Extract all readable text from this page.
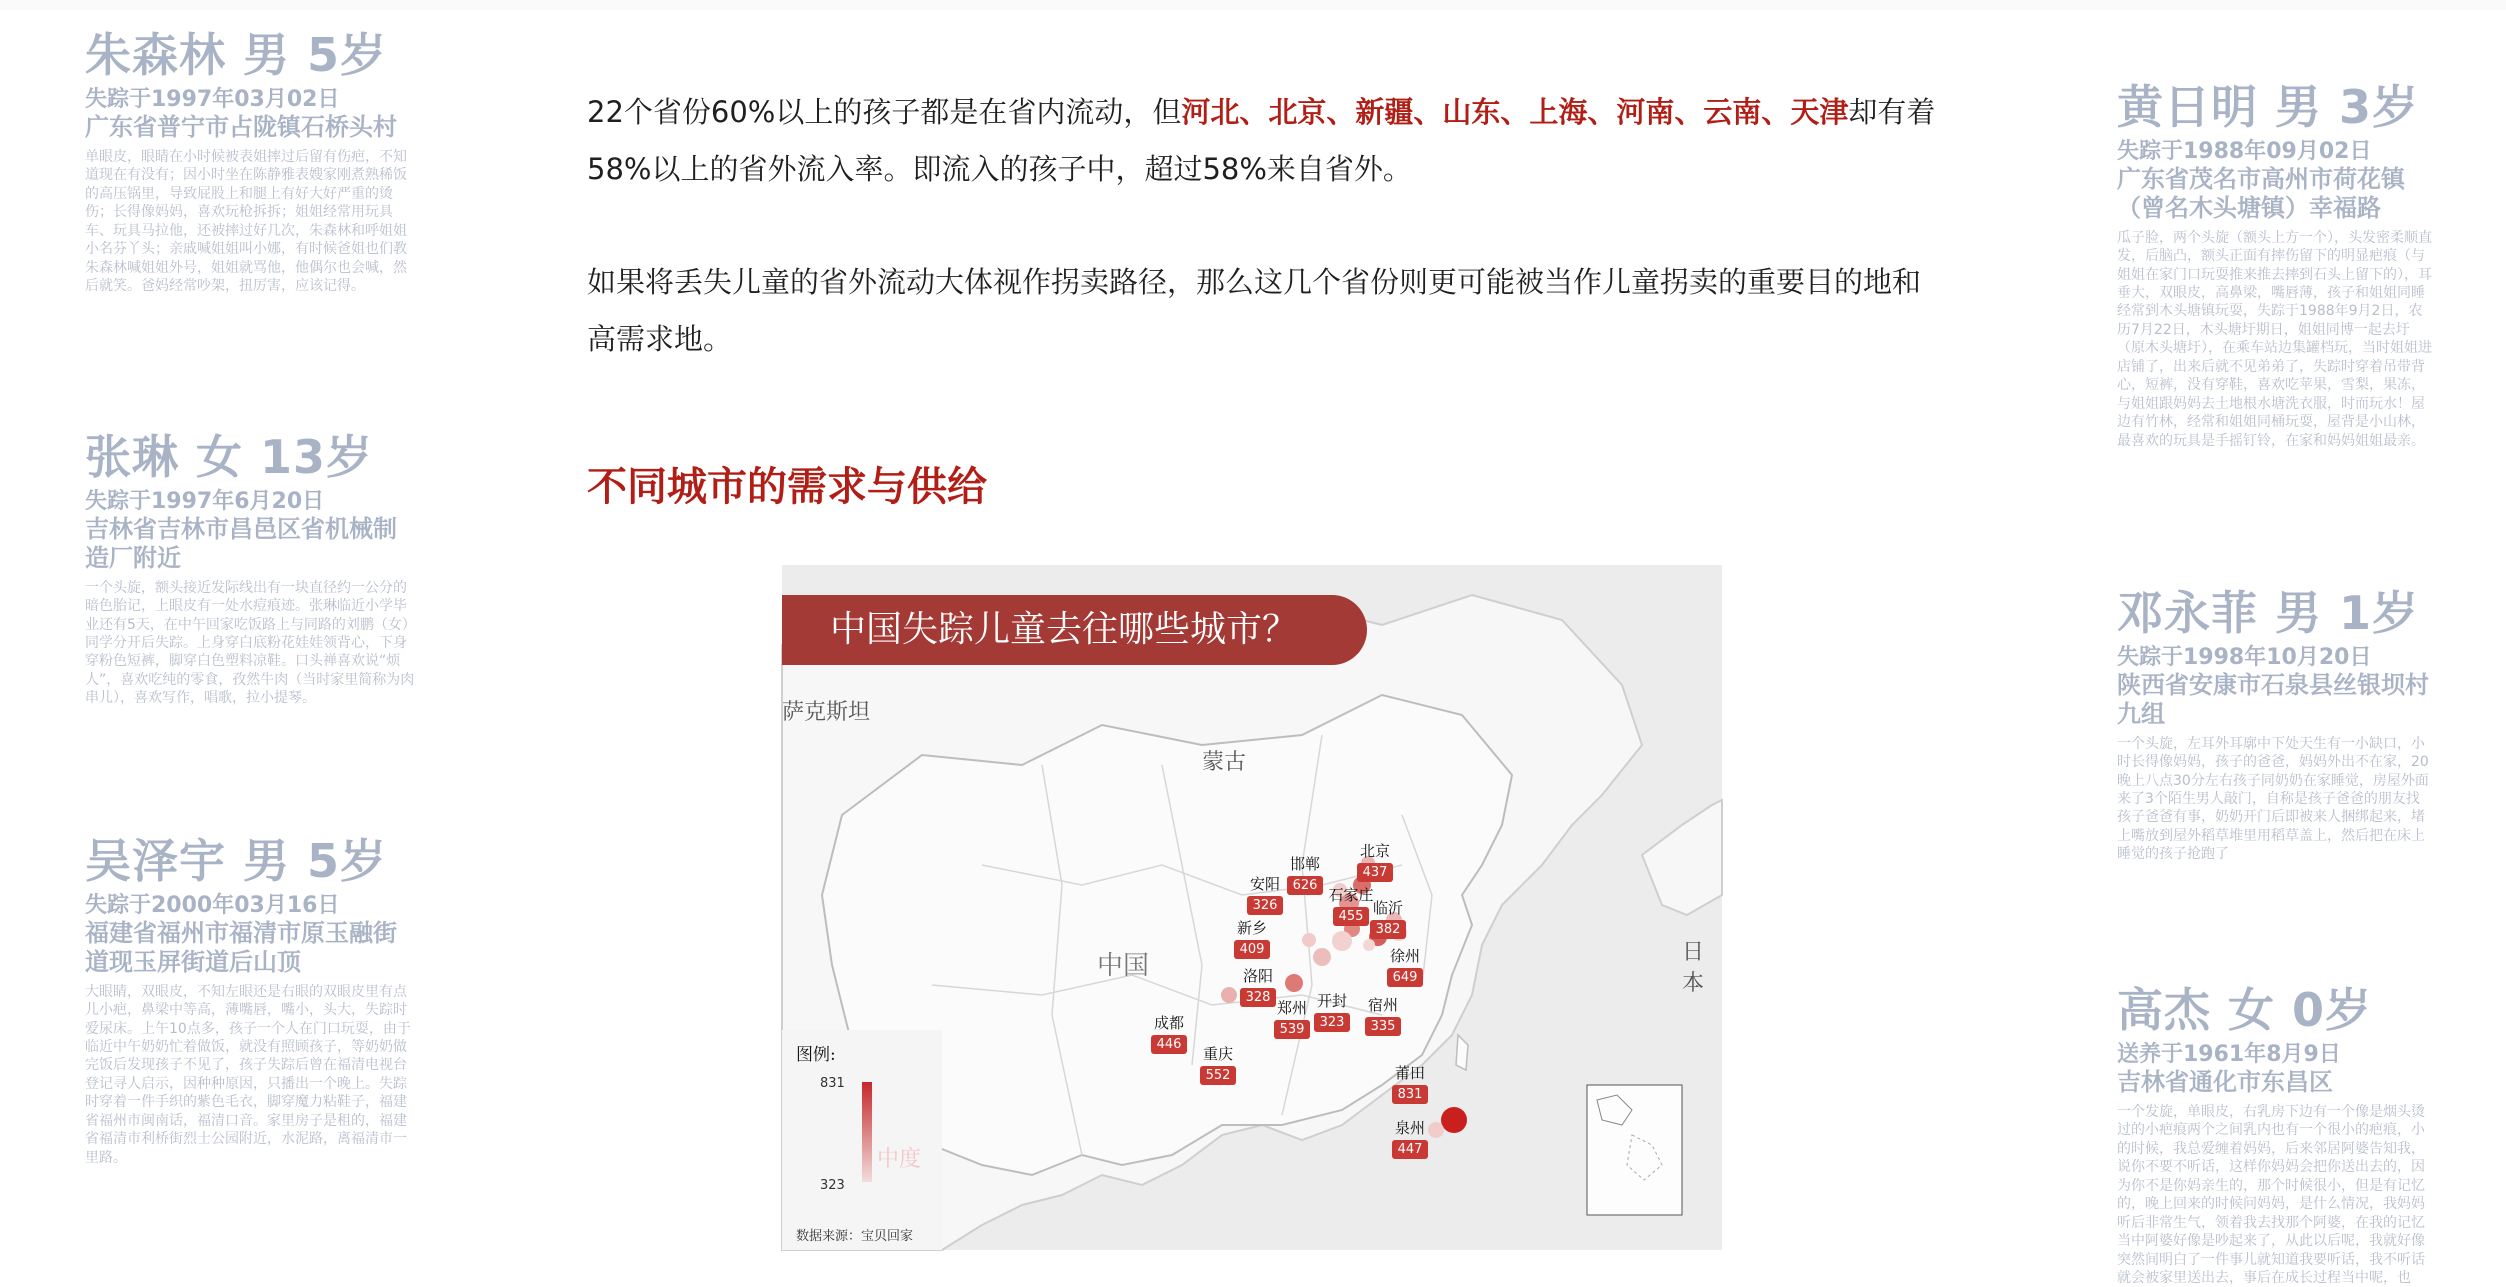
朱森林 男 5岁
失踪于1997年03月02日
广东省普宁市占陇镇石桥头村
单眼皮，眼睛在小时候被表姐摔过后留有伤疤，不知道现在有没有；因小时坐在陈静雅表嫂家刚煮熟稀饭的高压锅里，导致屁股上和腿上有好大好严重的烫伤；长得像妈妈，喜欢玩枪拆拆；姐姐经常用玩具车、玩具马拉他，还被摔过好几次，朱森林和呼姐姐小名芬丫头；亲戚喊姐姐叫小娜，有时候爸姐也们教朱森林喊姐姐外号，姐姐就骂他，他偶尔也会喊，然后就笑。爸妈经常吵架，扭厉害，应该记得。
张琳 女 13岁
失踪于1997年6月20日
吉林省吉林市昌邑区省机械制造厂附近
一个头旋，额头接近发际线出有一块直径约一公分的暗色胎记，上眼皮有一处水痘痕迹。张琳临近小学毕业还有5天，在中午回家吃饭路上与同路的刘鹏（女）同学分开后失踪。上身穿白底粉花娃娃领背心，下身穿粉色短裤，脚穿白色塑料凉鞋。口头禅喜欢说“烦人”，喜欢吃纯的零食，孜然牛肉（当时家里简称为肉串儿），喜欢写作，唱歌，拉小提琴。
吴泽宇 男 5岁
失踪于2000年03月16日
福建省福州市福清市原玉融街道现玉屏街道后山顶
大眼睛，双眼皮，不知左眼还是右眼的双眼皮里有点儿小疤，鼻梁中等高，薄嘴唇，嘴小，头大，失踪时爱尿床。上午10点多，孩子一个人在门口玩耍，由于临近中午奶奶忙着做饭，就没有照顾孩子，等奶奶做完饭后发现孩子不见了，孩子失踪后曾在福清电视台登记寻人启示，因种种原因，只播出一个晚上。失踪时穿着一件手织的紫色毛衣，脚穿魔力粘鞋子，福建省福州市闽南话，福清口音。家里房子是租的，福建省福清市利桥街烈士公园附近，水泥路，离福清市一里路。
黄日明 男 3岁
失踪于1988年09月02日
广东省茂名市高州市荷花镇（曾名木头塘镇）幸福路
瓜子脸，两个头旋（额头上方一个），头发密柔顺直发，后脑凸，额头正面有摔伤留下的明显疤痕（与姐姐在家门口玩耍推来推去摔到石头上留下的），耳垂大，双眼皮，高鼻梁，嘴唇薄，孩子和姐姐同睡经常到木头塘镇玩耍，失踪于1988年9月2日，农历7月22日，木头塘圩期日，姐姐同博一起去圩（原木头塘圩），在乘车站边集罐档玩，当时姐姐进店铺了，出来后就不见弟弟了，失踪时穿着吊带背心，短裤，没有穿鞋，喜欢吃苹果，雪梨，果冻，与姐姐跟妈妈去土地根水塘洗衣服，时而玩水！屋边有竹林，经常和姐姐同桶玩耍，屋背是小山林，最喜欢的玩具是手摇钉铃，在家和妈妈姐姐最亲。
邓永菲 男 1岁
失踪于1998年10月20日
陕西省安康市石泉县丝银坝村九组
一个头旋，左耳外耳廓中下处天生有一小缺口，小时长得像妈妈，孩子的爸爸，妈妈外出不在家，20晚上八点30分左右孩子同奶奶在家睡觉，房屋外面来了3个陌生男人敲门，自称是孩子爸爸的朋友找孩子爸爸有事，奶奶开门后即被来人捆绑起来，堵上嘴放到屋外稻草堆里用稻草盖上，然后把在床上睡觉的孩子抢跑了
高杰 女 0岁
送养于1961年8月9日
吉林省通化市东昌区
一个发旋，单眼皮，右乳房下边有一个像是烟头烫过的小疤痕两个之间乳内也有一个很小的疤痕，小的时候，我总爱缠着妈妈，后来邻居阿婆告知我，说你不要不听话，这样你妈妈会把你送出去的，因为你不是你妈亲生的，那个时候很小，但是有记忆的，晚上回来的时候问妈妈，是什么情况，我妈妈听后非常生气，领着我去找那个阿婆，在我的记忆当中阿婆好像是吵起来了，从此以后呢，我就好像突然间明白了一件事儿就知道我要听话，我不听话就会被家里送出去，事后在成长过程当中呢，也
22个省份60%以上的孩子都是在省内流动，但河北、北京、新疆、山东、上海、河南、云南、天津却有着58%以上的省外流入率。即流入的孩子中，超过58%来自省外。
如果将丢失儿童的省外流动大体视作拐卖路径，那么这几个省份则更可能被当作儿童拐卖的重要目的地和高需求地。
不同城市的需求与供给
中国失踪儿童去往哪些城市？
萨克斯坦
蒙古
中国	日本
北京
437
邯郸
626
石家庄
455
安阳
326	临沂
382
新乡
409	徐州
649
洛阳
328
郑州
539
开封
323
宿州
335
成都
446
重庆
552	莆田
831
泉州
447
图例:
831
中度
323
数据来源：宝贝回家
